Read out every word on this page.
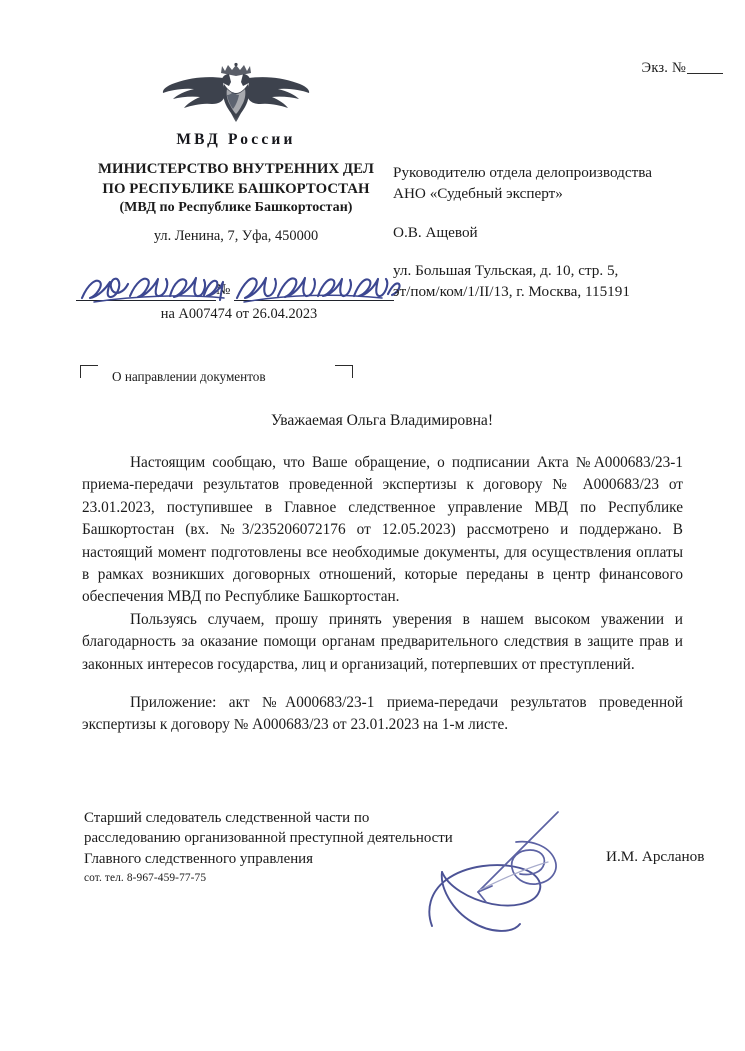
Экз. №
МВД России
МИНИСТЕРСТВО ВНУТРЕННИХ ДЕЛ
ПО РЕСПУБЛИКЕ БАШКОРТОСТАН
(МВД по Республике Башкортостан)
ул. Ленина, 7, Уфа, 450000
№
на А007474 от 26.04.2023
Руководителю отдела делопроизводства
АНО «Судебный эксперт»
О.В. Ащевой
ул. Большая Тульская, д. 10, стр. 5,
эт/пом/ком/1/II/13, г. Москва, 115191
О направлении документов
Уважаемая Ольга Владимировна!

Настоящим сообщаю, что Ваше обращение, о подписании Акта №А000683/23-1 приема-передачи результатов проведенной экспертизы к договору № А000683/23 от 23.01.2023, поступившее в Главное следственное управление МВД по Республике Башкортостан (вх. №3/235206072176 от 12.05.2023) рассмотрено и поддержано. В настоящий момент подготовлены все необходимые документы, для осуществления оплаты в рамках возникших договорных отношений, которые переданы в центр финансового обеспечения МВД по Республике Башкортостан.

Пользуясь случаем, прошу принять уверения в нашем высоком уважении и благодарность за оказание помощи органам предварительного следствия в защите прав и законных интересов государства, лиц и организаций, потерпевших от преступлений.

Приложение: акт №А000683/23-1 приема-передачи результатов проведенной экспертизы к договору № А000683/23 от 23.01.2023 на 1-м листе.

Старший следователь следственной части по
расследованию организованной преступной деятельности
Главного следственного управления
сот. тел. 8-967-459-77-75
И.М. Арсланов
